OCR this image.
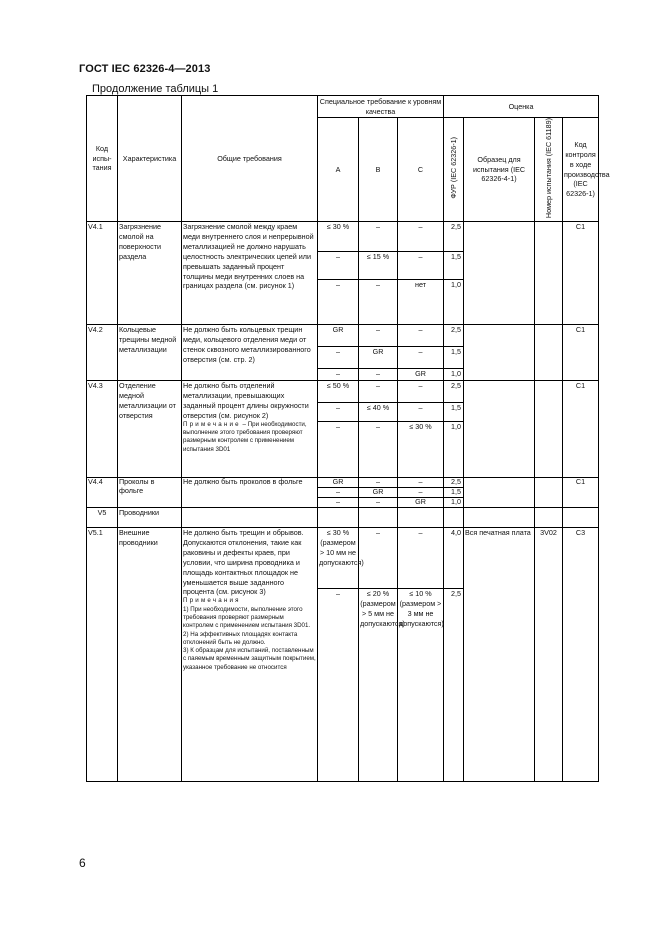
ГОСТ IEC 62326-4—2013
Продолжение таблицы 1
Код испы-тания	Характеристика	Общие требования	Специальное требование к уровням качества			Оценка			
			A	B	C	ФУР (IEC 62326-1)	Образец для испытания (IEC 62326-4-1)	Номер испытания (IEC 61189)	Код контроля в ходе производства (IEC 62326-1)
V4.1	Загрязнение смолой на поверхности раздела	Загрязнение смолой между краем меди внутреннего слоя и непрерывной металлизацией не должно нарушать целостность электрических цепей или превышать заданный процент толщины меди внутренних слоев на границах раздела (см. рисунок 1)	≤ 30 %	–	–	2,5			C1
			–	≤ 15 %	–	1,5			
			–	–	нет	1,0			
V4.2	Кольцевые трещины медной металлизации	Не должно быть кольцевых трещин меди, кольцевого отделения меди от стенок сквозного металлизированного отверстия (см. стр. 2)	GR	–	–	2,5			C1
			–	GR	–	1,5			
			–	–	GR	1,0			
V4.3	Отделение медной металлизации от отверстия	Не должно быть отделений металлизации, превышающих заданный процент длины окружности отверстия (см. рисунок 2)
Примечание – При необходимости, выполнение этого требования проверяют размерным контролем с применением испытания 3D01	≤ 50 %	–	–	2,5			C1
			–	≤ 40 %	–	1,5			
			–	–	≤ 30 %	1,0			
V4.4	Проколы в фольге	Не должно быть проколов в фольге	GR	–	–	2,5			C1
			–	GR	–	1,5			
			–	–	GR	1,0			
V5	Проводники								
V5.1	Внешние проводники	Не должно быть трещин и обрывов. Допускаются отклонения, такие как раковины и дефекты краев, при условии, что ширина проводника и площадь контактных площадок не уменьшается выше заданного процента (см. рисунок 3)
Примечания
1) При необходимости, выполнение этого требования проверяют размерным контролем с применением испытания 3D01.
2) На эффективных площадях контакта отклонений быть не должно.
3) К образцам для испытаний, поставленным с паяемым временным защитным покрытием, указанное требование не относится	≤ 30 % (размером > 10 мм не допускаются)	–	–	4,0	Вся печатная плата	3V02	C3
			–	≤ 20 % (размером > 5 мм не допускаются)	≤ 10 % (размером > 3 мм не допускаются)	2,5			
6
